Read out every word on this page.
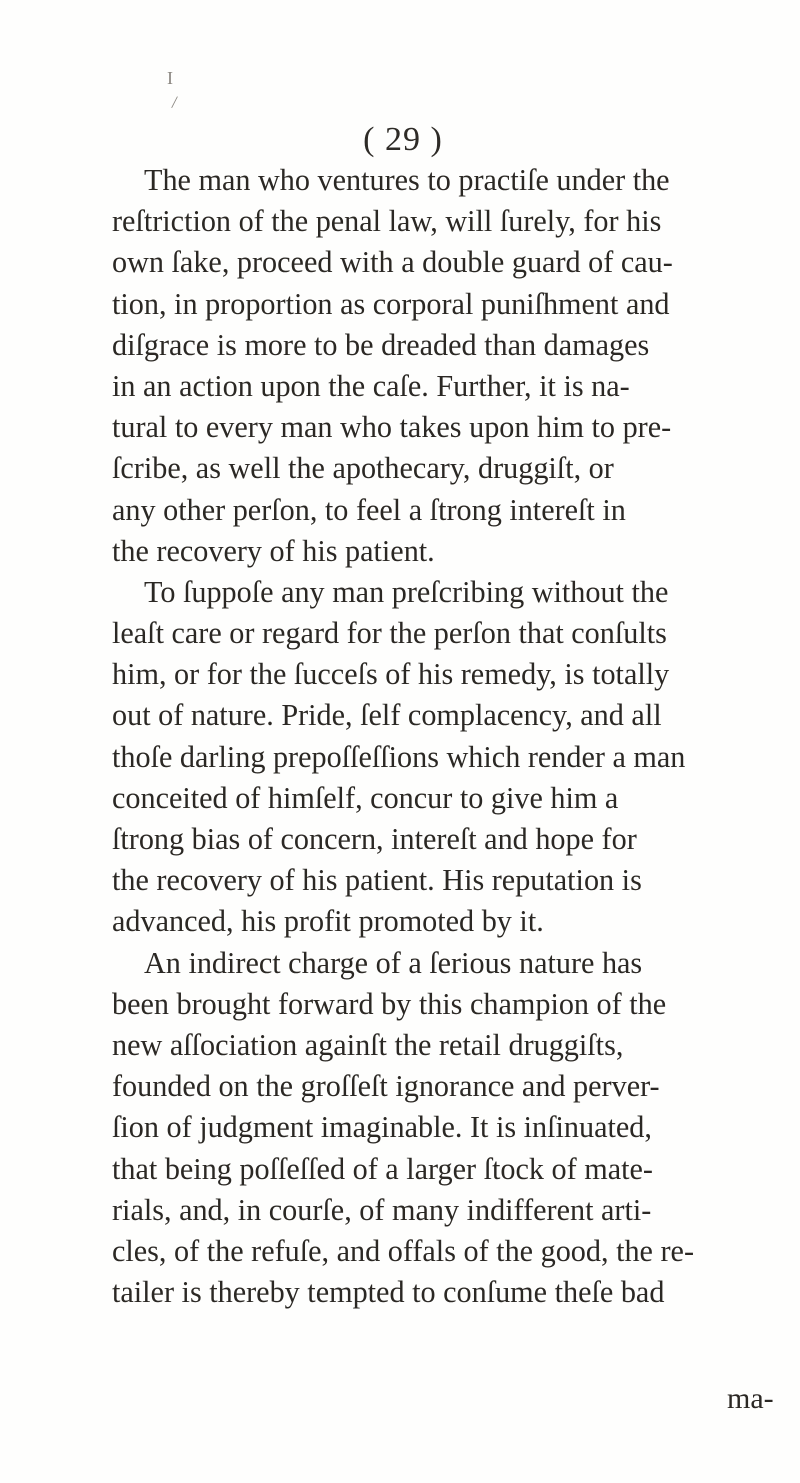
I
/
( 29 )
The man who ventures to practiſe under the
reſtriction of the penal law, will ſurely, for his
own ſake, proceed with a double guard of cau-
tion, in proportion as corporal puniſhment and
diſgrace is more to be dreaded than damages
in an action upon the caſe. Further, it is na-
tural to every man who takes upon him to pre-
ſcribe, as well the apothecary, druggiſt, or
any other perſon, to feel a ſtrong intereſt in
the recovery of his patient.
To ſuppoſe any man preſcribing without the
leaſt care or regard for the perſon that conſults
him, or for the ſucceſs of his remedy, is totally
out of nature. Pride, ſelf complacency, and all
thoſe darling prepoſſeſſions which render a man
conceited of himſelf, concur to give him a
ſtrong bias of concern, intereſt and hope for
the recovery of his patient. His reputation is
advanced, his profit promoted by it.
An indirect charge of a ſerious nature has
been brought forward by this champion of the
new aſſociation againſt the retail druggiſts,
founded on the groſſeſt ignorance and perver-
ſion of judgment imaginable. It is inſinuated,
that being poſſeſſed of a larger ſtock of mate-
rials, and, in courſe, of many indifferent arti-
cles, of the refuſe, and offals of the good, the re-
tailer is thereby tempted to conſume theſe bad
ma-
